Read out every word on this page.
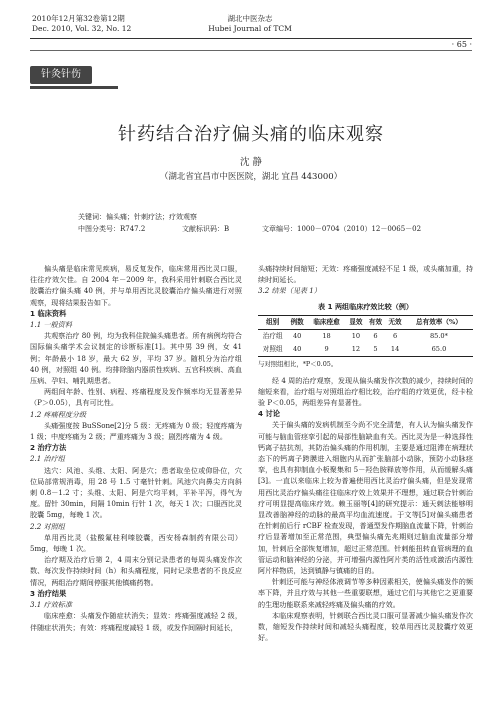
2010年12月第32卷第12期
Dec. 2010, Vol. 32, No. 12
湖北中医杂志
Hubei Journal of TCM
· 65 ·
针灸针伤
针药结合治疗偏头痛的临床观察
沈 静
（湖北省宜昌市中医医院，湖北 宜昌 443000）
关键词：偏头痛；针刺疗法；疗效观察
中图分类号：R747.2	文献标识码：B	文章编号：1000－0704（2010）12－0065－02

偏头痛是临床常见疾病，易反复发作，临床常用西比灵口服，往往疗效欠佳。自 2004 年－2009 年，我科采用针刺联合西比灵胶囊治疗偏头痛 40 例，并与单用西比灵胶囊治疗偏头痛进行对照观察，现将结果报告如下。

1 临床资料
1.1 一般资料

共观察治疗 80 例，均为我科住院偏头痛患者。所有病例均符合国际偏头痛学术会议制定的诊断标准[1]。其中男 39 例，女 41 例；年龄最小 18 岁，最大 62 岁，平均 37 岁。随机分为治疗组 40 例，对照组 40 例。均排除脑内器质性疾病、五官科疾病、高血压病、孕妇、哺乳期患者。

两组间年龄、性别、病程、疼痛程度及发作频率均无显著差异（P＞0.05），具有可比性。

1.2 疼痛程度分级

头痛强度按 BuSSone[2]分 5 级：无疼痛为 0 级；轻度疼痛为 1 级；中度疼痛为 2 级；严重疼痛为 3 级；剧烈疼痛为 4 级。

2 治疗方法
2.1 治疗组

选穴：风池、头维、太阳、阿是穴；患者取坐位或仰卧位，穴位局部常规消毒，用 28 号 1.5 寸毫针针刺。风池穴向鼻尖方向斜刺 0.8－1.2 寸；头维、太阳、阿是穴均平刺，平补平泻，得气为度。留针 30min，间隔 10min 行针 1 次，每天 1 次；口服西比灵胶囊 5mg，每晚 1 次。

2.2 对照组

单用西比灵（盐酸氟桂利嗪胶囊，西安杨森制药有限公司）5mg，每晚 1 次。

治疗期及治疗后第 2，4 周末分别记录患者的每周头痛发作次数、每次发作持续时间（h）和头痛程度，同时记录患者的不良反应情况，两组治疗期间停服其他镇痛药物。

3 治疗结果
3.1 疗效标准

临床痊愈：头痛发作随症状消失；显效：疼痛强度减轻 2 级，伴随症状消失；有效：疼痛程度减轻 1 级，或发作间隔时间延长，

头痛持续时间缩短；无效：疼痛强度减轻不足 1 级，或头痛加重，持续时间延长。

3.2 结果（见表 1）
表 1 两组临床疗效比较（例）
组别	例数	临床痊愈	显效	有效	无效	总有效率（%）
治疗组	40	18	10	6	6	85.0*
对照组	40	9	12	5	14	65.0
与对照组相比，*P＜0.05。

经 4 周的治疗观察，发现从偏头痛发作次数的减少，持续时间的缩短来看，治疗组与对照组治疗相比较，治疗组的疗效更优，经卡检验 P＜0.05，两组差异有显著性。

4 讨论

关于偏头痛的发病机制至今尚不完全清楚，有人认为偏头痛发作可能与脑血管痉挛引起的局部性脑缺血有关。西比灵为是一种选择性钙离子拮抗剂，其防治偏头痛的作用机制，主要是通过阻滞在病理状态下的钙离子跨膜进入细胞内从而扩张脑部小动脉，预防小动脉痉挛，也具有抑制血小板聚集和 5－羟色胺释放等作用，从而缓解头痛[3]。一直以来临床上较为普遍使用西比灵治疗偏头痛，但是发现常用西比灵治疗偏头痛往往临床疗效上效果并不理想，通过联合针刺治疗可明显提高临床疗效。赖玉丽等[4]的研究提示：通天刺法能够明显改善脑神经的动脉的最高平均血流速度。于文等[5]对偏头痛患者在针刺前后行 rCBF 检查发现，普通型发作期脑血流量下降，针刺治疗后显著增加至正常范围，典型偏头痛先兆期则过脑血流量部分增加，针刺后全部恢复增加，超过正常范围。针刺能扭转血管病理的血管运动和脑神经的分泌，并可增强内源性阿片类的活性或激活内源性阿片样物质，达到镇静与镇痛的目的。

针刺还可能与神经体液调节等多种因素相关，使偏头痛发作的频率下降，并且疗效与其他一些重要联想，通过它们与其他它之更重要的生理功能联系来减轻疼痛及偏头痛的疗效。

本临床观察表明，针刺联合西比灵口服可显著减少偏头痛发作次数，缩短发作持续时间和减轻头痛程度，较单用西比灵胶囊疗效更好。
